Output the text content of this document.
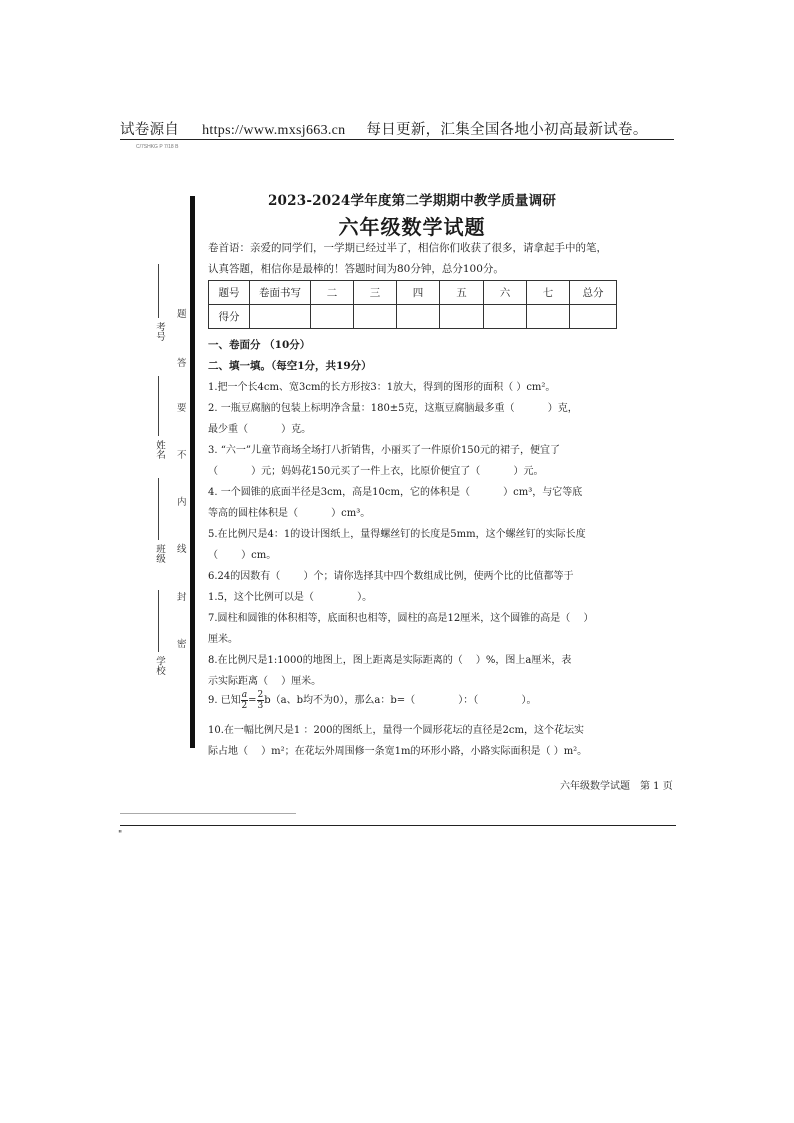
试卷源自 https://www.mxsj663.cn 每日更新，汇集全国各地小初高最新试卷。
C/7SHKG P 7/18 B
考号
姓名
班级
学校
题
答
要
不
内
线
封
密
2023-2024学年度第二学期期中教学质量调研
六年级数学试题
卷首语：亲爱的同学们，一学期已经过半了，相信你们收获了很多，请拿起手中的笔，
认真答题，相信你是最棒的！答题时间为80分钟，总分100分。
题号	卷面书写	二	三	四	五	六	七	总分
得分								
一、卷面分 （10分）
二、填一填。（每空1分，共19分）
1.把一个长4cm、宽3cm的长方形按3：1放大，得到的图形的面积（ ）cm²。
2. 一瓶豆腐脑的包装上标明净含量：180±5克，这瓶豆腐脑最多重（　　　 ）克，
最少重（　　　 ）克。
3. “六一”儿童节商场全场打八折销售，小丽买了一件原价150元的裙子，便宜了
（　　　 ）元；妈妈花150元买了一件上衣，比原价便宜了（　　　 ）元。
4. 一个圆锥的底面半径是3cm，高是10cm，它的体积是（　　　 ）cm³，与它等底
等高的圆柱体积是（　　　 ）cm³。
5.在比例尺是4：1的设计图纸上，量得螺丝钉的长度是5mm，这个螺丝钉的实际长度
（　　 ）cm。
6.24的因数有（　　 ）个；请你选择其中四个数组成比例，使两个比的比值都等于
1.5，这个比例可以是（　　　　 ）。
7.圆柱和圆锥的体积相等，底面积也相等，圆柱的高是12厘米，这个圆锥的高是（　 ）
厘米。
8.在比例尺是1:1000的地图上，图上距离是实际距离的（　 ）%，图上a厘米，表
示实际距离（　 ）厘米。
9. 已知 $\frac{a}{2} = \frac{2}{3} b(a$、b均不为0），那么a：b=（　　　　 ）：（　　　　 ）。
10.在一幅比例尺是1 ：200的图纸上，量得一个圆形花坛的直径是2cm，这个花坛实
际占地（　 ）m²；在花坛外周围修一条宽1m的环形小路，小路实际面积是（ ）m²。
六年级数学试题　第 1 页
"
